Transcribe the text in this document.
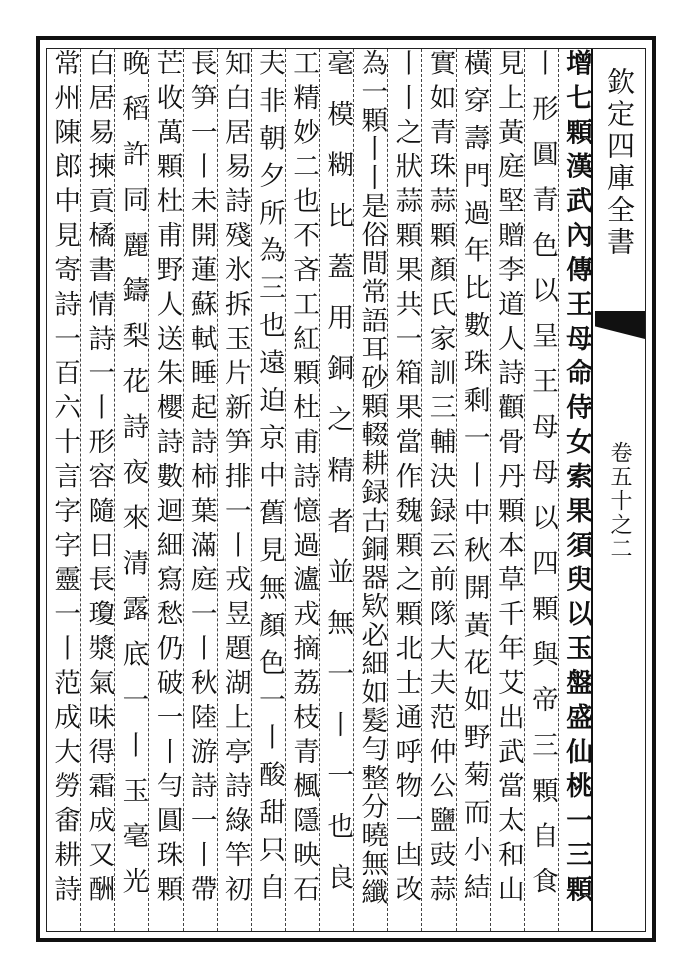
欽定四庫全書
卷五十之二
增七顆漢武內傳王母命侍女索果須臾以玉盤盛仙桃一三顆
丨形圓青色以呈王母母以四顆與帝三顆自食
見上黃庭堅贈李道人詩顴骨丹顆本草千年艾出武當太和山
橫穿壽門過年比數珠剩一丨中秋開黃花如野菊而小結
實如青珠蒜顆顏氏家訓三輔決録云前隊大夫范仲公鹽豉蒜
丨丨之狀蒜顆果共一箱果當作魏顆之顆北士通呼物一凷改
為一顆丨丨是俗間常語耳砂顆輟耕録古銅器欵必細如髮勻整分曉無纖
毫模糊比蓋用銅之精者並無一丨一也良
工精妙二也不吝工紅顆杜甫詩憶過瀘戎摘荔枝青楓隱映石
夫非朝夕所為三也遠迫京中舊見無顏色一丨酸甜只自
知白居易詩殘氷拆玉片新笋排一丨戎昱題湖上亭詩綠竿初
長笋一丨未開蓮蘇軾睡起詩柿葉滿庭一丨秋陸游詩一丨帶
芒收萬顆杜甫野人送朱櫻詩數迴細寫愁仍破一丨勻圓珠顆
晚稻許同麗鑄梨花詩夜來清露底一丨玉毫光
白居易揀貢橘書情詩一丨形容隨日長瓊漿氣味得霜成又酬
常州陳郎中見寄詩一百六十言字字靈一丨范成大勞畬耕詩
